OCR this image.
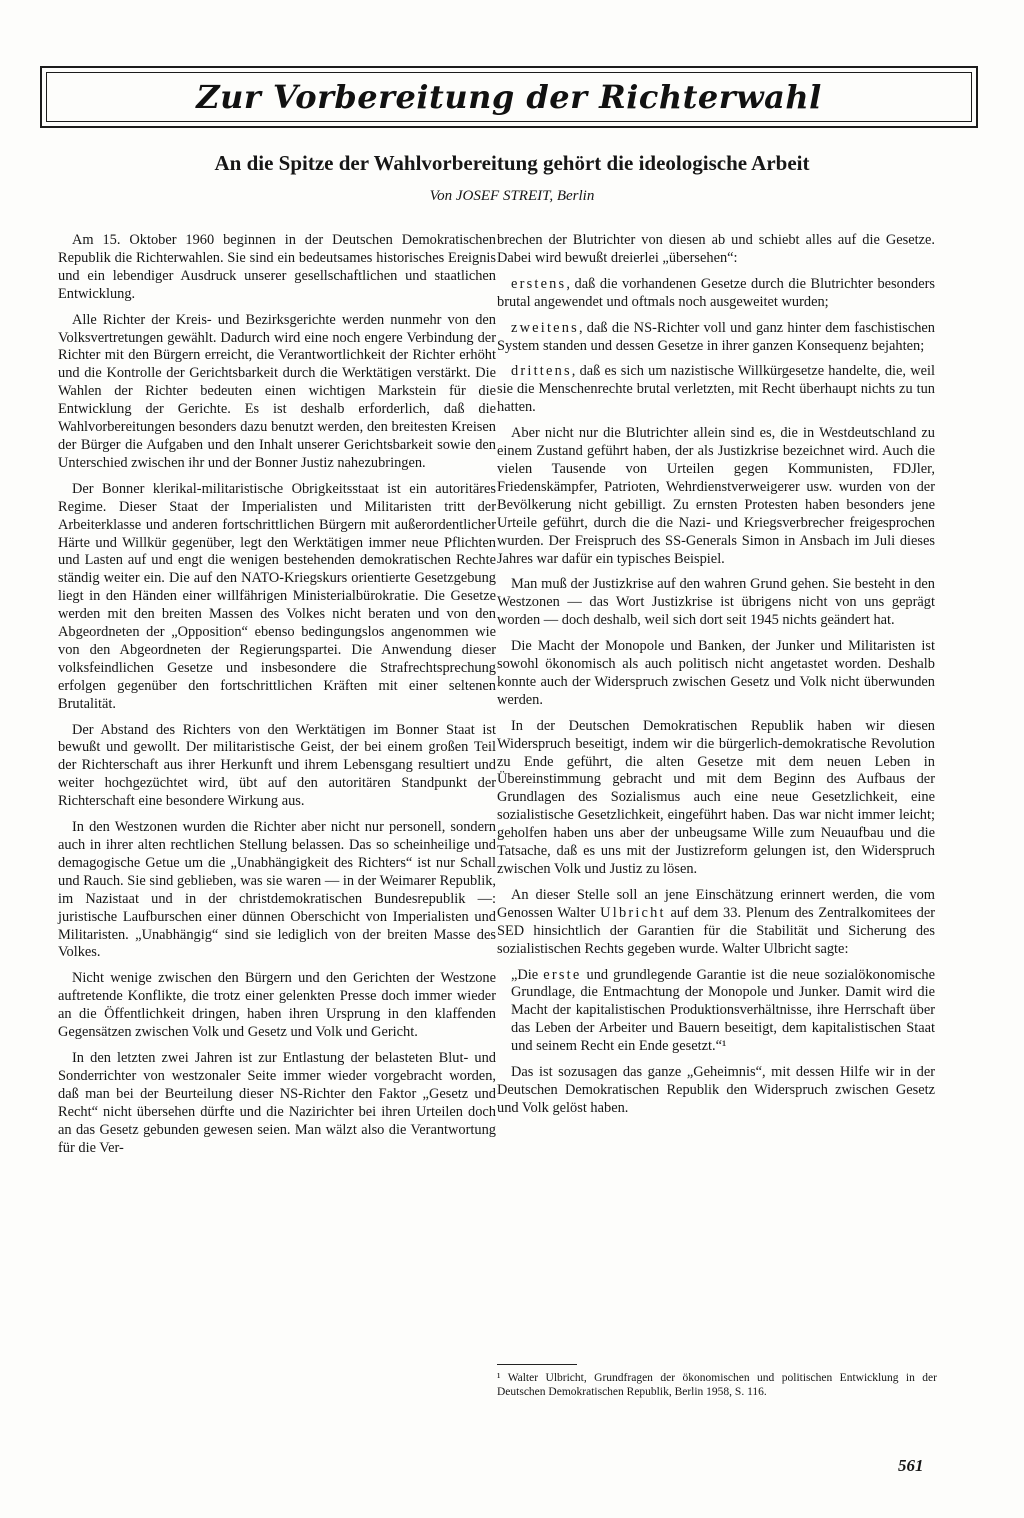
Zur Vorbereitung der Richterwahl
An die Spitze der Wahlvorbereitung gehört die ideologische Arbeit
Von JOSEF STREIT, Berlin

Am 15. Oktober 1960 beginnen in der Deutschen Demokratischen Republik die Richterwahlen. Sie sind ein bedeutsames historisches Ereignis und ein lebendiger Ausdruck unserer gesellschaftlichen und staatlichen Entwicklung.

Alle Richter der Kreis- und Bezirksgerichte werden nunmehr von den Volksvertretungen gewählt. Dadurch wird eine noch engere Verbindung der Richter mit den Bürgern erreicht, die Verantwortlichkeit der Richter erhöht und die Kontrolle der Gerichtsbarkeit durch die Werktätigen verstärkt. Die Wahlen der Richter bedeuten einen wichtigen Markstein für die Entwicklung der Gerichte. Es ist deshalb erforderlich, daß die Wahlvorbereitungen besonders dazu benutzt werden, den breitesten Kreisen der Bürger die Aufgaben und den Inhalt unserer Gerichtsbarkeit sowie den Unterschied zwischen ihr und der Bonner Justiz nahezubringen.

Der Bonner klerikal-militaristische Obrigkeitsstaat ist ein autoritäres Regime. Dieser Staat der Imperialisten und Militaristen tritt der Arbeiterklasse und anderen fortschrittlichen Bürgern mit außerordentlicher Härte und Willkür gegenüber, legt den Werktätigen immer neue Pflichten und Lasten auf und engt die wenigen bestehenden demokratischen Rechte ständig weiter ein. Die auf den NATO-Kriegskurs orientierte Gesetzgebung liegt in den Händen einer willfährigen Ministerialbürokratie. Die Gesetze werden mit den breiten Massen des Volkes nicht beraten und von den Abgeordneten der „Opposition“ ebenso bedingungslos angenommen wie von den Abgeordneten der Regierungspartei. Die Anwendung dieser volksfeindlichen Gesetze und insbesondere die Strafrechtsprechung erfolgen gegenüber den fortschrittlichen Kräften mit einer seltenen Brutalität.

Der Abstand des Richters von den Werktätigen im Bonner Staat ist bewußt und gewollt. Der militaristische Geist, der bei einem großen Teil der Richterschaft aus ihrer Herkunft und ihrem Lebensgang resultiert und weiter hochgezüchtet wird, übt auf den autoritären Standpunkt der Richterschaft eine besondere Wirkung aus.

In den Westzonen wurden die Richter aber nicht nur personell, sondern auch in ihrer alten rechtlichen Stellung belassen. Das so scheinheilige und demagogische Getue um die „Unabhängigkeit des Richters“ ist nur Schall und Rauch. Sie sind geblieben, was sie waren — in der Weimarer Republik, im Nazistaat und in der christdemokratischen Bundesrepublik —: juristische Laufburschen einer dünnen Oberschicht von Imperialisten und Militaristen. „Unabhängig“ sind sie lediglich von der breiten Masse des Volkes.

Nicht wenige zwischen den Bürgern und den Gerichten der Westzone auftretende Konflikte, die trotz einer gelenkten Presse doch immer wieder an die Öffentlichkeit dringen, haben ihren Ursprung in den klaffenden Gegensätzen zwischen Volk und Gesetz und Volk und Gericht.

In den letzten zwei Jahren ist zur Entlastung der belasteten Blut- und Sonderrichter von westzonaler Seite immer wieder vorgebracht worden, daß man bei der Beurteilung dieser NS-Richter den Faktor „Gesetz und Recht“ nicht übersehen dürfte und die Nazirichter bei ihren Urteilen doch an das Gesetz gebunden gewesen seien. Man wälzt also die Verantwortung für die Ver-

brechen der Blutrichter von diesen ab und schiebt alles auf die Gesetze. Dabei wird bewußt dreierlei „übersehen“:

erstens, daß die vorhandenen Gesetze durch die Blutrichter besonders brutal angewendet und oftmals noch ausgeweitet wurden;

zweitens, daß die NS-Richter voll und ganz hinter dem faschistischen System standen und dessen Gesetze in ihrer ganzen Konsequenz bejahten;

drittens, daß es sich um nazistische Willkürgesetze handelte, die, weil sie die Menschenrechte brutal verletzten, mit Recht überhaupt nichts zu tun hatten.

Aber nicht nur die Blutrichter allein sind es, die in Westdeutschland zu einem Zustand geführt haben, der als Justizkrise bezeichnet wird. Auch die vielen Tausende von Urteilen gegen Kommunisten, FDJler, Friedenskämpfer, Patrioten, Wehrdienstverweigerer usw. wurden von der Bevölkerung nicht gebilligt. Zu ernsten Protesten haben besonders jene Urteile geführt, durch die die Nazi- und Kriegsverbrecher freigesprochen wurden. Der Freispruch des SS-Generals Simon in Ansbach im Juli dieses Jahres war dafür ein typisches Beispiel.

Man muß der Justizkrise auf den wahren Grund gehen. Sie besteht in den Westzonen — das Wort Justizkrise ist übrigens nicht von uns geprägt worden — doch deshalb, weil sich dort seit 1945 nichts geändert hat.

Die Macht der Monopole und Banken, der Junker und Militaristen ist sowohl ökonomisch als auch politisch nicht angetastet worden. Deshalb konnte auch der Widerspruch zwischen Gesetz und Volk nicht überwunden werden.

In der Deutschen Demokratischen Republik haben wir diesen Widerspruch beseitigt, indem wir die bürgerlich-demokratische Revolution zu Ende geführt, die alten Gesetze mit dem neuen Leben in Übereinstimmung gebracht und mit dem Beginn des Aufbaus der Grundlagen des Sozialismus auch eine neue Gesetzlichkeit, eine sozialistische Gesetzlichkeit, eingeführt haben. Das war nicht immer leicht; geholfen haben uns aber der unbeugsame Wille zum Neuaufbau und die Tatsache, daß es uns mit der Justizreform gelungen ist, den Widerspruch zwischen Volk und Justiz zu lösen.

An dieser Stelle soll an jene Einschätzung erinnert werden, die vom Genossen Walter Ulbricht auf dem 33. Plenum des Zentralkomitees der SED hinsichtlich der Garantien für die Stabilität und Sicherung des sozialistischen Rechts gegeben wurde. Walter Ulbricht sagte:

„Die erste und grundlegende Garantie ist die neue sozialökonomische Grundlage, die Entmachtung der Monopole und Junker. Damit wird die Macht der kapitalistischen Produktionsverhältnisse, ihre Herrschaft über das Leben der Arbeiter und Bauern beseitigt, dem kapitalistischen Staat und seinem Recht ein Ende gesetzt.“¹

Das ist sozusagen das ganze „Geheimnis“, mit dessen Hilfe wir in der Deutschen Demokratischen Republik den Widerspruch zwischen Gesetz und Volk gelöst haben.

¹ Walter Ulbricht, Grundfragen der ökonomischen und politischen Entwicklung in der Deutschen Demokratischen Republik, Berlin 1958, S. 116.
561
